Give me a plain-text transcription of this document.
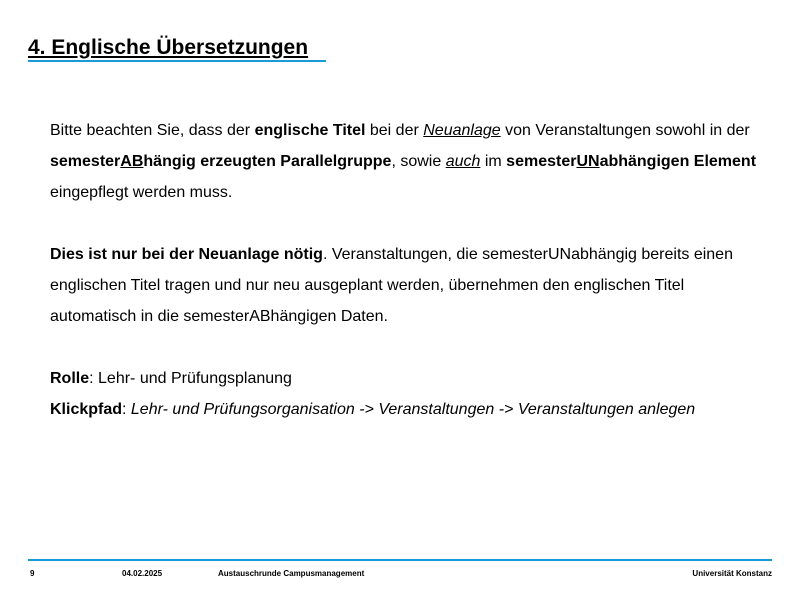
4. Englische Übersetzungen

Bitte beachten Sie, dass der englische Titel bei der Neuanlage von Veranstaltungen sowohl in der semesterABhängig erzeugten Parallelgruppe, sowie auch im semesterUNabhängigen Element eingepflegt werden muss.

Dies ist nur bei der Neuanlage nötig. Veranstaltungen, die semesterUNabhängig bereits einen englischen Titel tragen und nur neu ausgeplant werden, übernehmen den englischen Titel automatisch in die semesterABhängigen Daten.

Rolle: Lehr- und Prüfungsplanung

Klickpfad: Lehr- und Prüfungsorganisation -> Veranstaltungen -> Veranstaltungen anlegen

9	04.02.2025	Austauschrunde Campusmanagement	Universität Konstanz
